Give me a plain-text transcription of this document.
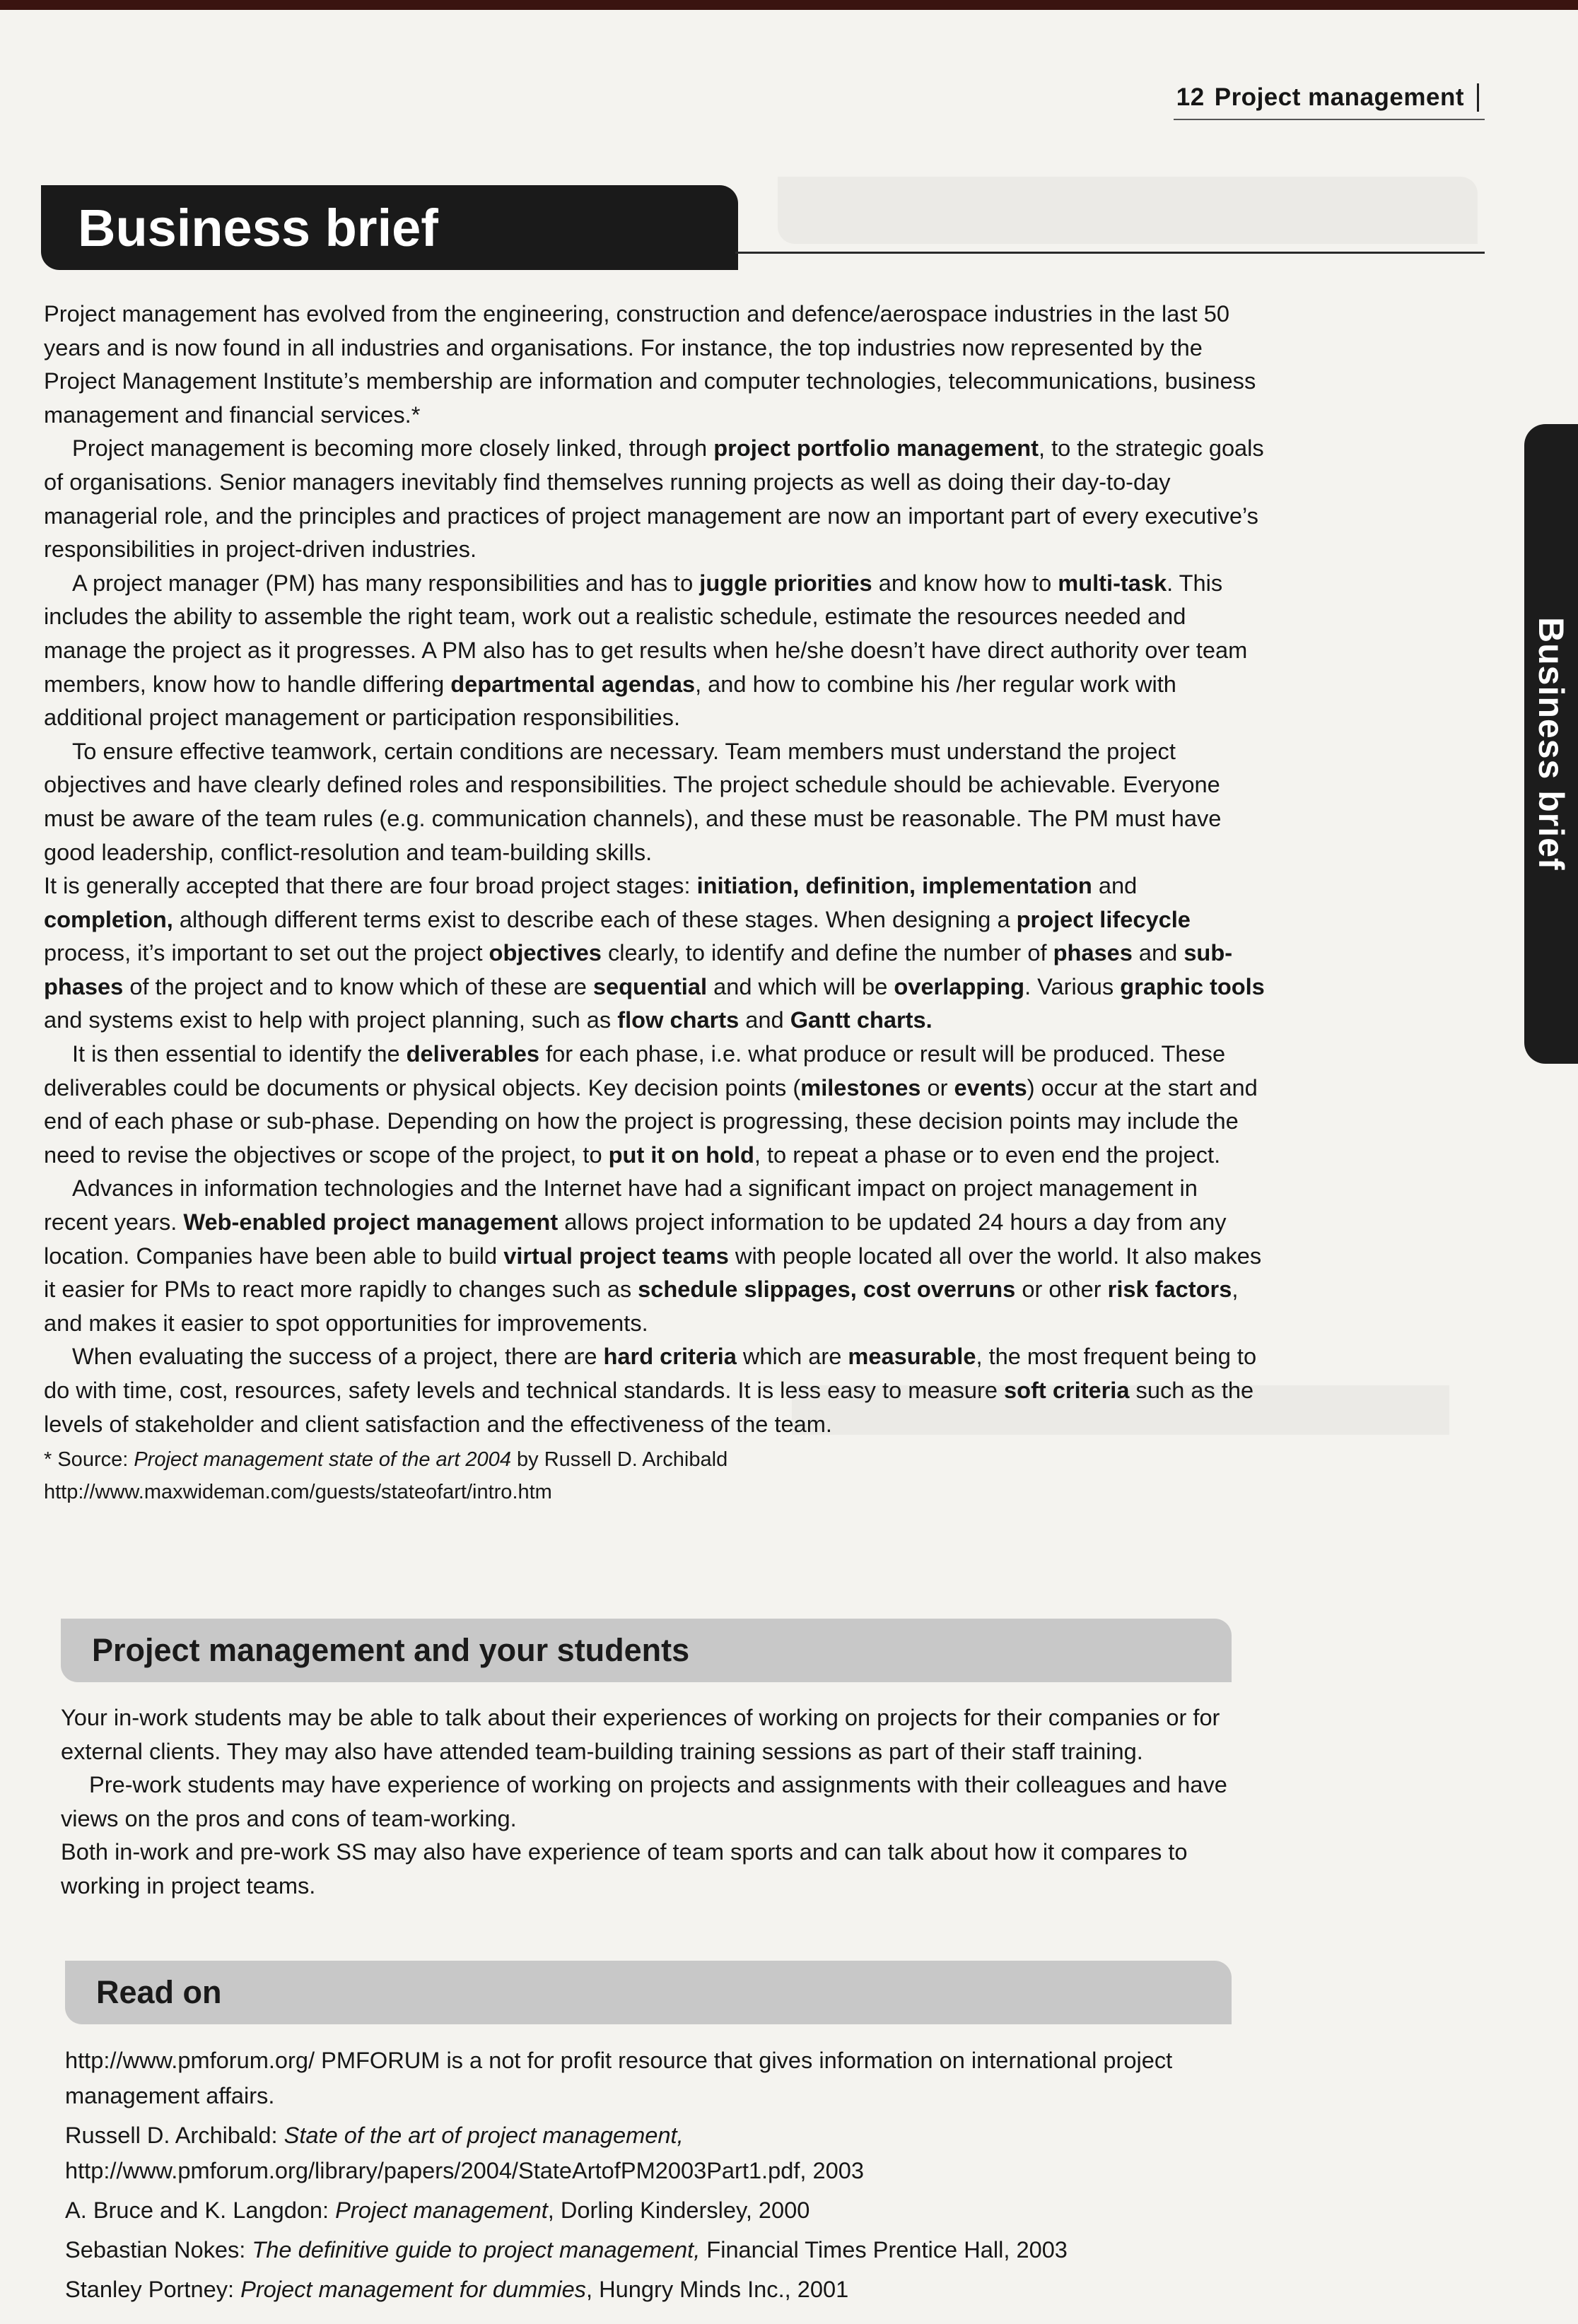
12 Project management
Business brief
Business brief

Project management has evolved from the engineering, construction and defence/aerospace industries in the last 50 years and is now found in all industries and organisations. For instance, the top industries now represented by the Project Management Institute’s membership are information and computer technologies, telecommunications, business management and financial services.*

Project management is becoming more closely linked, through project portfolio management, to the strategic goals of organisations. Senior managers inevitably find themselves running projects as well as doing their day-to-day managerial role, and the principles and practices of project management are now an important part of every executive’s responsibilities in project-driven industries.

A project manager (PM) has many responsibilities and has to juggle priorities and know how to multi-task. This includes the ability to assemble the right team, work out a realistic schedule, estimate the resources needed and manage the project as it progresses. A PM also has to get results when he/she doesn’t have direct authority over team members, know how to handle differing departmental agendas, and how to combine his /her regular work with additional project management or participation responsibilities.

To ensure effective teamwork, certain conditions are necessary. Team members must understand the project objectives and have clearly defined roles and responsibilities. The project schedule should be achievable. Everyone must be aware of the team rules (e.g. communication channels), and these must be reasonable. The PM must have good leadership, conflict-resolution and team-building skills.

It is generally accepted that there are four broad project stages: initiation, definition, implementation and completion, although different terms exist to describe each of these stages. When designing a project lifecycle process, it’s important to set out the project objectives clearly, to identify and define the number of phases and sub-phases of the project and to know which of these are sequential and which will be overlapping. Various graphic tools and systems exist to help with project planning, such as flow charts and Gantt charts.

It is then essential to identify the deliverables for each phase, i.e. what produce or result will be produced. These deliverables could be documents or physical objects. Key decision points (milestones or events) occur at the start and end of each phase or sub-phase. Depending on how the project is progressing, these decision points may include the need to revise the objectives or scope of the project, to put it on hold, to repeat a phase or to even end the project.

Advances in information technologies and the Internet have had a significant impact on project management in recent years. Web-enabled project management allows project information to be updated 24 hours a day from any location. Companies have been able to build virtual project teams with people located all over the world. It also makes it easier for PMs to react more rapidly to changes such as schedule slippages, cost overruns or other risk factors, and makes it easier to spot opportunities for improvements.

When evaluating the success of a project, there are hard criteria which are measurable, the most frequent being to do with time, cost, resources, safety levels and technical standards. It is less easy to measure soft criteria such as the levels of stakeholder and client satisfaction and the effectiveness of the team.

* Source: Project management state of the art 2004 by Russell D. Archibald
http://www.maxwideman.com/guests/stateofart/intro.htm
Project management and your students

Your in-work students may be able to talk about their experiences of working on projects for their companies or for external clients. They may also have attended team-building training sessions as part of their staff training.

Pre-work students may have experience of working on projects and assignments with their colleagues and have views on the pros and cons of team-working.

Both in-work and pre-work SS may also have experience of team sports and can talk about how it compares to working in project teams.

Read on

http://www.pmforum.org/ PMFORUM is a not for profit resource that gives information on international project management affairs.

Russell D. Archibald: State of the art of project management, http://www.pmforum.org/library/papers/2004/StateArtofPM2003Part1.pdf, 2003

A. Bruce and K. Langdon: Project management, Dorling Kindersley, 2000

Sebastian Nokes: The definitive guide to project management, Financial Times Prentice Hall, 2003

Stanley Portney: Project management for dummies, Hungry Minds Inc., 2001
